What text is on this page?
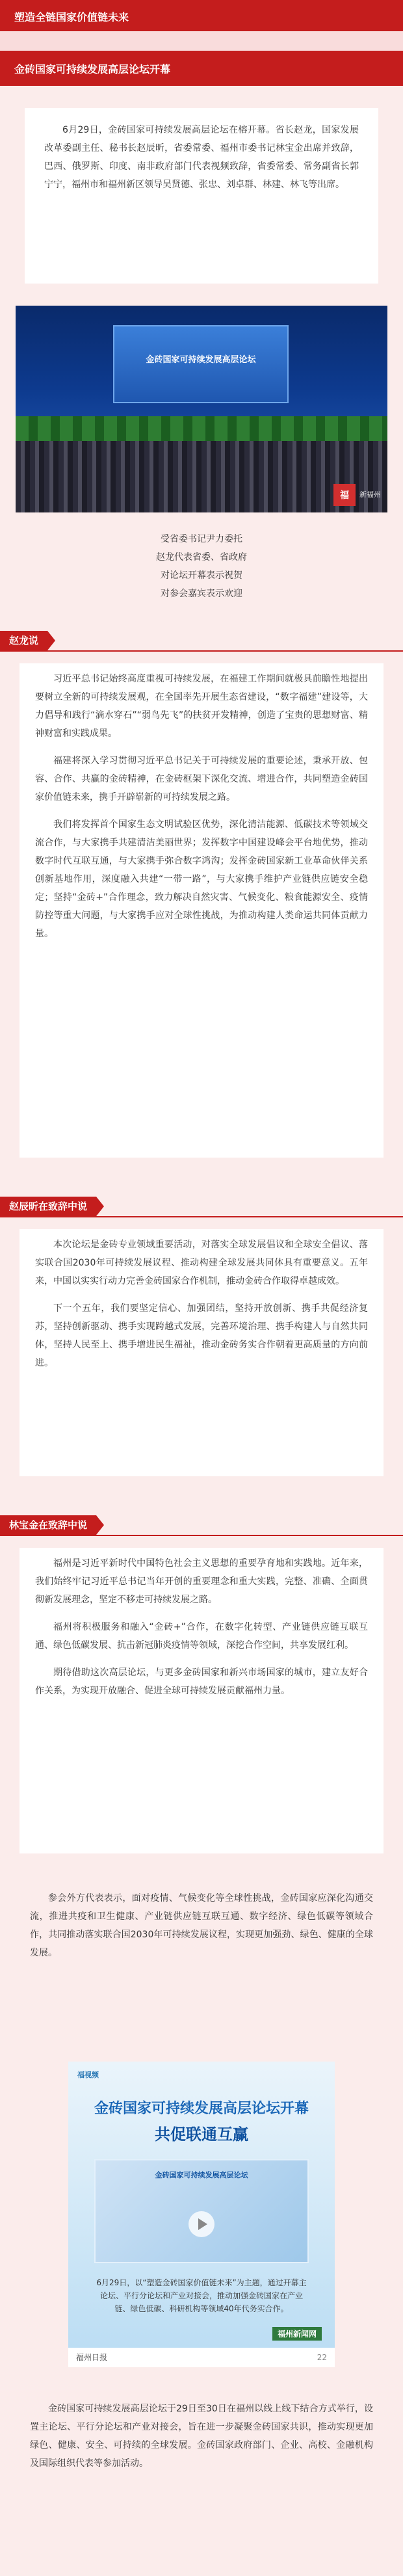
塑造全链国家价值链未来
金砖国家可持续发展高层论坛开幕

6月29日，金砖国家可持续发展高层论坛在榕开幕。省长赵龙，国家发展改革委副主任、秘书长赵辰昕，省委常委、福州市委书记林宝金出席并致辞，巴西、俄罗斯、印度、南非政府部门代表视频致辞，省委常委、常务副省长郭宁宁，福州市和福州新区领导吴贤德、张忠、刘卓群、林建、林飞等出席。

金砖国家可持续发展高层论坛
福	新福州
受省委书记尹力委托
赵龙代表省委、省政府
对论坛开幕表示祝贺
对参会嘉宾表示欢迎
赵龙说

习近平总书记始终高度重视可持续发展，在福建工作期间就极具前瞻性地提出要树立全新的可持续发展观，在全国率先开展生态省建设，“数字福建”建设等，大力倡导和践行“滴水穿石”“弱鸟先飞”的扶贫开发精神，创造了宝贵的思想财富、精神财富和实践成果。

福建将深入学习贯彻习近平总书记关于可持续发展的重要论述，秉承开放、包容、合作、共赢的金砖精神，在金砖框架下深化交流、增进合作，共同塑造金砖国家价值链未来，携手开辟崭新的可持续发展之路。

我们将发挥首个国家生态文明试验区优势，深化清洁能源、低碳技术等领域交流合作，与大家携手共建清洁美丽世界；发挥数字中国建设峰会平台地优势，推动数字时代互联互通，与大家携手弥合数字鸿沟；发挥金砖国家新工业革命伙伴关系创新基地作用，深度融入共建“一带一路”，与大家携手维护产业链供应链安全稳定；坚持“金砖+”合作理念，致力解决自然灾害、气候变化、粮食能源安全、疫情防控等重大问题，与大家携手应对全球性挑战，为推动构建人类命运共同体贡献力量。

赵辰昕在致辞中说

本次论坛是金砖专业领域重要活动，对落实全球发展倡议和全球安全倡议、落实联合国2030年可持续发展议程、推动构建全球发展共同体具有重要意义。五年来，中国以实实行动力完善金砖国家合作机制，推动金砖合作取得卓越成效。

下一个五年，我们要坚定信心、加强团结，坚持开放创新、携手共促经济复苏，坚持创新驱动、携手实现跨越式发展，完善环境治理、携手构建人与自然共同体，坚持人民至上、携手增进民生福祉，推动金砖务实合作朝着更高质量的方向前进。

林宝金在致辞中说

福州是习近平新时代中国特色社会主义思想的重要孕育地和实践地。近年来，我们始终牢记习近平总书记当年开创的重要理念和重大实践，完整、准确、全面贯彻新发展理念，坚定不移走可持续发展之路。

福州将积极服务和融入“金砖+”合作，在数字化转型、产业链供应链互联互通、绿色低碳发展、抗击新冠肺炎疫情等领域，深挖合作空间，共享发展红利。

期待借助这次高层论坛，与更多金砖国家和新兴市场国家的城市，建立友好合作关系，为实现开放融合、促进全球可持续发展贡献福州力量。

参会外方代表表示，面对疫情、气候变化等全球性挑战，金砖国家应深化沟通交流，推进共疫和卫生健康、产业链供应链互联互通、数字经济、绿色低碳等领域合作，共同推动落实联合国2030年可持续发展议程，实现更加强劲、绿色、健康的全球发展。

福视频
金砖国家可持续发展高层论坛开幕
共促联通互赢
金砖国家可持续发展高层论坛
6月29日，以“塑造金砖国家价值链未来”为主题，通过开幕主论坛、平行分论坛和产业对接会，推动加强金砖国家在产业链、绿色低碳、科研机构等领域40年代务实合作。
福州新闻网
福州日报	22

金砖国家可持续发展高层论坛于29日至30日在福州以线上线下结合方式举行，设置主论坛、平行分论坛和产业对接会，旨在进一步凝聚金砖国家共识，推动实现更加绿色、健康、安全、可持续的全球发展。金砖国家政府部门、企业、高校、金融机构及国际组织代表等参加活动。
